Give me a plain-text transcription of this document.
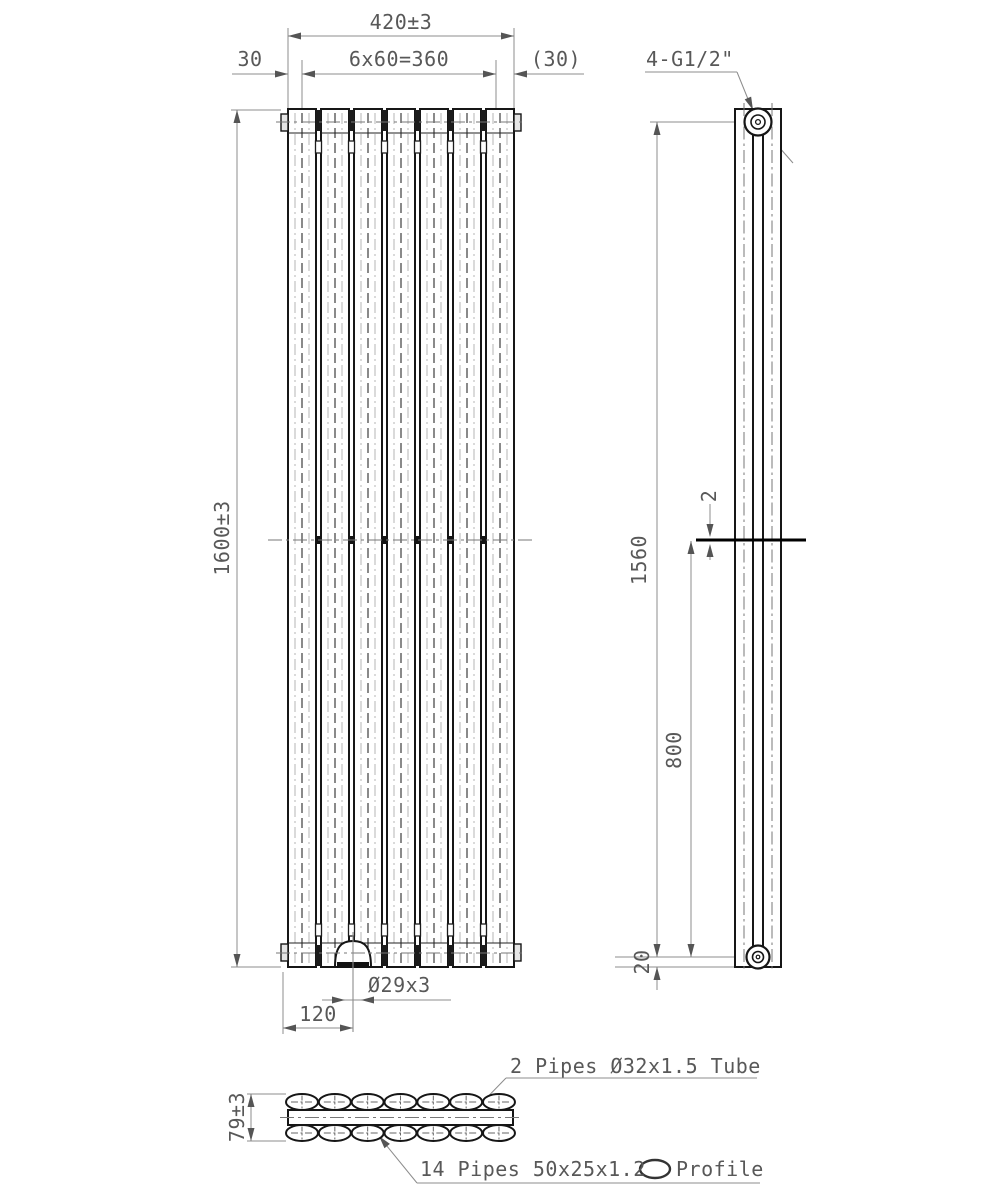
420±3
30	6x60=360	(30)
1600±3
Ø29x3
120
4-G1/2"
1560
800
2
20
79±3
2 Pipes Ø32x1.5 Tube
14 Pipes 50x25x1.2 Profile
